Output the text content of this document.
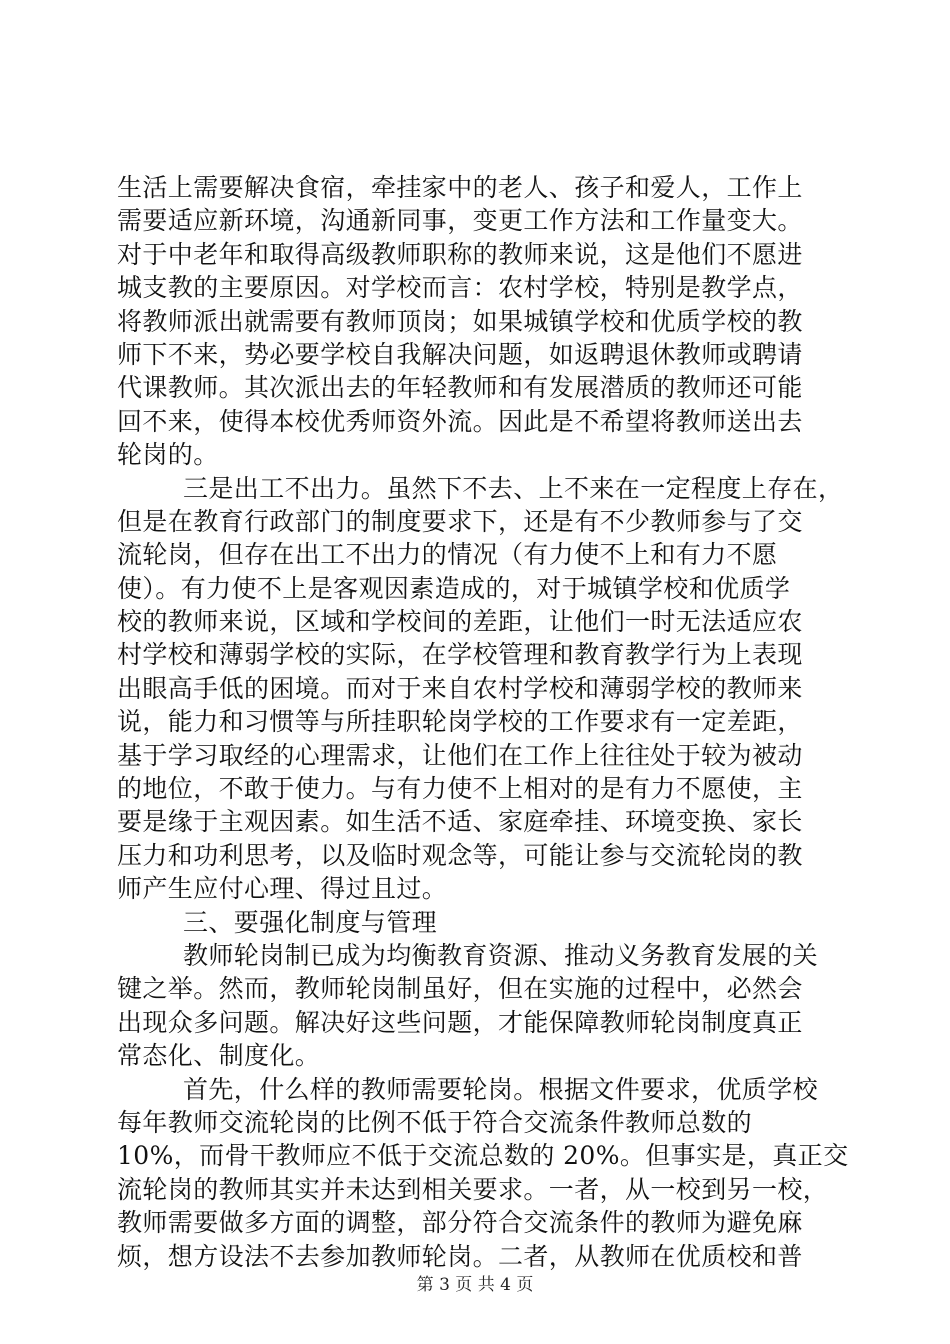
生活上需要解决食宿，牵挂家中的老人、孩子和爱人，工作上
需要适应新环境，沟通新同事，变更工作方法和工作量变大。
对于中老年和取得高级教师职称的教师来说，这是他们不愿进
城支教的主要原因。对学校而言：农村学校，特别是教学点，
将教师派出就需要有教师顶岗；如果城镇学校和优质学校的教
师下不来，势必要学校自我解决问题，如返聘退休教师或聘请
代课教师。其次派出去的年轻教师和有发展潜质的教师还可能
回不来，使得本校优秀师资外流。因此是不希望将教师送出去
轮岗的。
三是出工不出力。虽然下不去、上不来在一定程度上存在，
但是在教育行政部门的制度要求下，还是有不少教师参与了交
流轮岗，但存在出工不出力的情况（有力使不上和有力不愿
使）。有力使不上是客观因素造成的，对于城镇学校和优质学
校的教师来说，区域和学校间的差距，让他们一时无法适应农
村学校和薄弱学校的实际，在学校管理和教育教学行为上表现
出眼高手低的困境。而对于来自农村学校和薄弱学校的教师来
说，能力和习惯等与所挂职轮岗学校的工作要求有一定差距，
基于学习取经的心理需求，让他们在工作上往往处于较为被动
的地位，不敢于使力。与有力使不上相对的是有力不愿使，主
要是缘于主观因素。如生活不适、家庭牵挂、环境变换、家长
压力和功利思考，以及临时观念等，可能让参与交流轮岗的教
师产生应付心理、得过且过。
三、要强化制度与管理
教师轮岗制已成为均衡教育资源、推动义务教育发展的关
键之举。然而，教师轮岗制虽好，但在实施的过程中，必然会
出现众多问题。解决好这些问题，才能保障教师轮岗制度真正
常态化、制度化。
首先，什么样的教师需要轮岗。根据文件要求，优质学校
每年教师交流轮岗的比例不低于符合交流条件教师总数的
10%，而骨干教师应不低于交流总数的 20%。但事实是，真正交
流轮岗的教师其实并未达到相关要求。一者，从一校到另一校，
教师需要做多方面的调整，部分符合交流条件的教师为避免麻
烦，想方设法不去参加教师轮岗。二者，从教师在优质校和普
第 3 页 共 4 页
